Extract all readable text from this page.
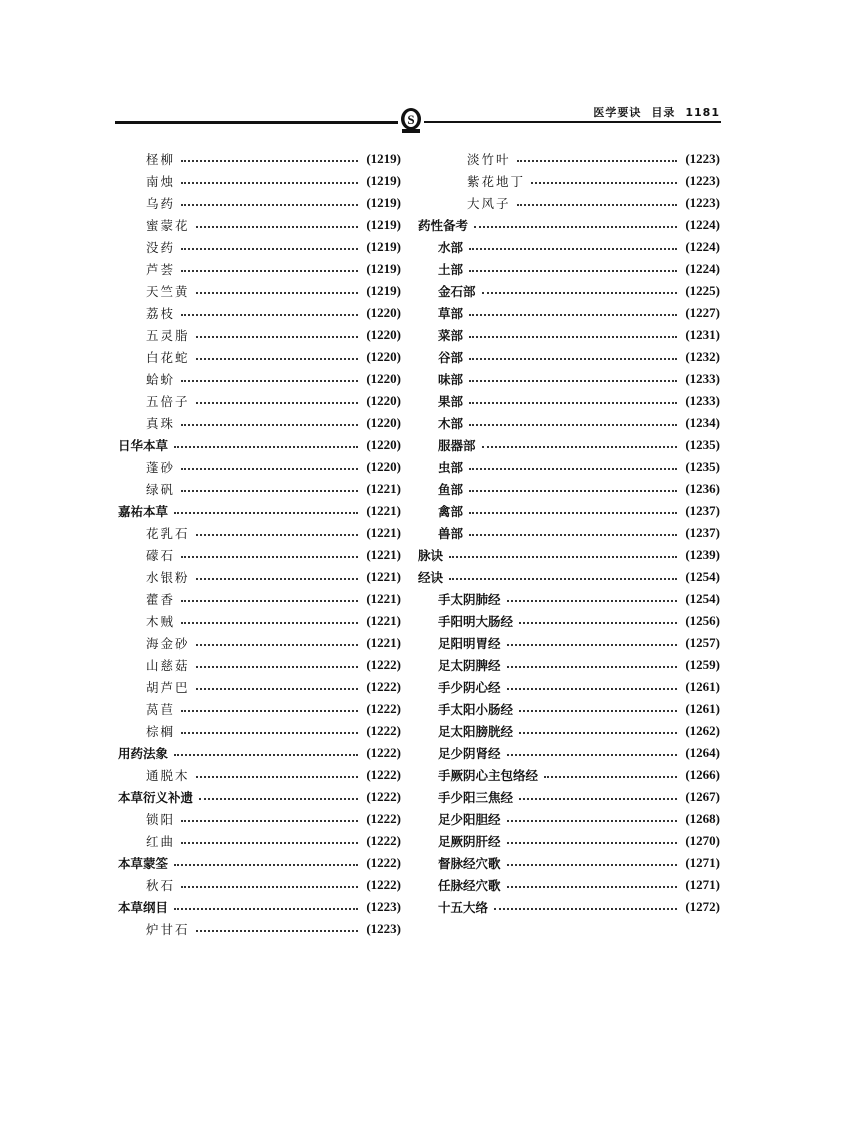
S	医学要诀 目录 1181
柽柳	(1219)
南烛	(1219)
乌药	(1219)
蜜蒙花	(1219)
没药	(1219)
芦荟	(1219)
天竺黄	(1219)
荔枝	(1220)
五灵脂	(1220)
白花蛇	(1220)
蛤蚧	(1220)
五倍子	(1220)
真珠	(1220)
日华本草	(1220)
蓬砂	(1220)
绿矾	(1221)
嘉祐本草	(1221)
花乳石	(1221)
礞石	(1221)
水银粉	(1221)
藿香	(1221)
木贼	(1221)
海金砂	(1221)
山慈菇	(1222)
胡芦巴	(1222)
莴苣	(1222)
棕榈	(1222)
用药法象	(1222)
通脱木	(1222)
本草衍义补遗	(1222)
锁阳	(1222)
红曲	(1222)
本草蒙筌	(1222)
秋石	(1222)
本草纲目	(1223)
炉甘石	(1223)
淡竹叶	(1223)
紫花地丁	(1223)
大风子	(1223)
药性备考	(1224)
水部	(1224)
土部	(1224)
金石部	(1225)
草部	(1227)
菜部	(1231)
谷部	(1232)
味部	(1233)
果部	(1233)
木部	(1234)
服器部	(1235)
虫部	(1235)
鱼部	(1236)
禽部	(1237)
兽部	(1237)
脉诀	(1239)
经诀	(1254)
手太阴肺经	(1254)
手阳明大肠经	(1256)
足阳明胃经	(1257)
足太阴脾经	(1259)
手少阴心经	(1261)
手太阳小肠经	(1261)
足太阳膀胱经	(1262)
足少阴肾经	(1264)
手厥阴心主包络经	(1266)
手少阳三焦经	(1267)
足少阳胆经	(1268)
足厥阴肝经	(1270)
督脉经穴歌	(1271)
任脉经穴歌	(1271)
十五大络	(1272)
